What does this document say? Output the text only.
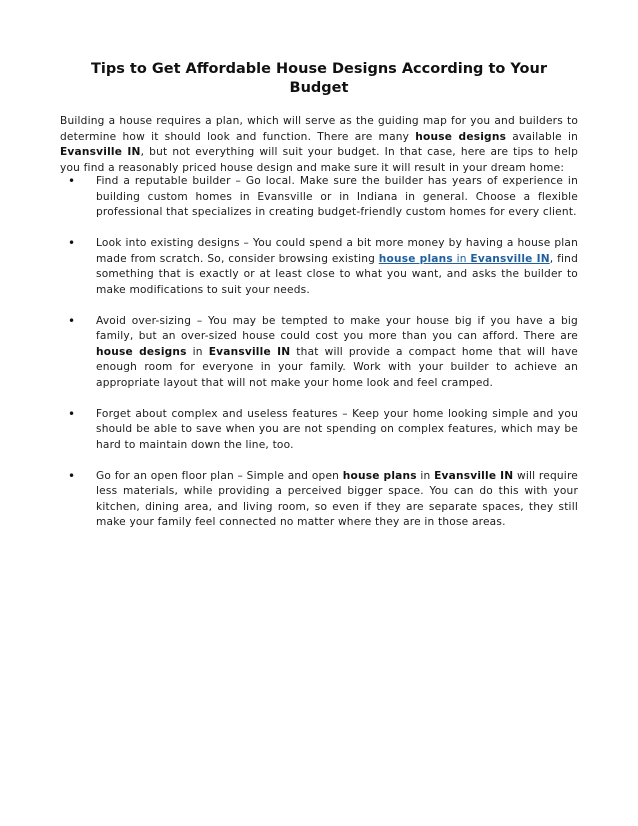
Tips to Get Affordable House Designs According to Your Budget

Building a house requires a plan, which will serve as the guiding map for you and builders to determine how it should look and function. There are many house designs available in Evansville IN, but not everything will suit your budget. In that case, here are tips to help you find a reasonably priced house design and make sure it will result in your dream home:

• Find a reputable builder – Go local. Make sure the builder has years of experience in building custom homes in Evansville or in Indiana in general. Choose a flexible professional that specializes in creating budget-friendly custom homes for every client.
• Look into existing designs – You could spend a bit more money by having a house plan made from scratch. So, consider browsing existing house plans in Evansville IN, find something that is exactly or at least close to what you want, and asks the builder to make modifications to suit your needs.
• Avoid over-sizing – You may be tempted to make your house big if you have a big family, but an over-sized house could cost you more than you can afford. There are house designs in Evansville IN that will provide a compact home that will have enough room for everyone in your family. Work with your builder to achieve an appropriate layout that will not make your home look and feel cramped.
• Forget about complex and useless features – Keep your home looking simple and you should be able to save when you are not spending on complex features, which may be hard to maintain down the line, too.
• Go for an open floor plan – Simple and open house plans in Evansville IN will require less materials, while providing a perceived bigger space. You can do this with your kitchen, dining area, and living room, so even if they are separate spaces, they still make your family feel connected no matter where they are in those areas.
